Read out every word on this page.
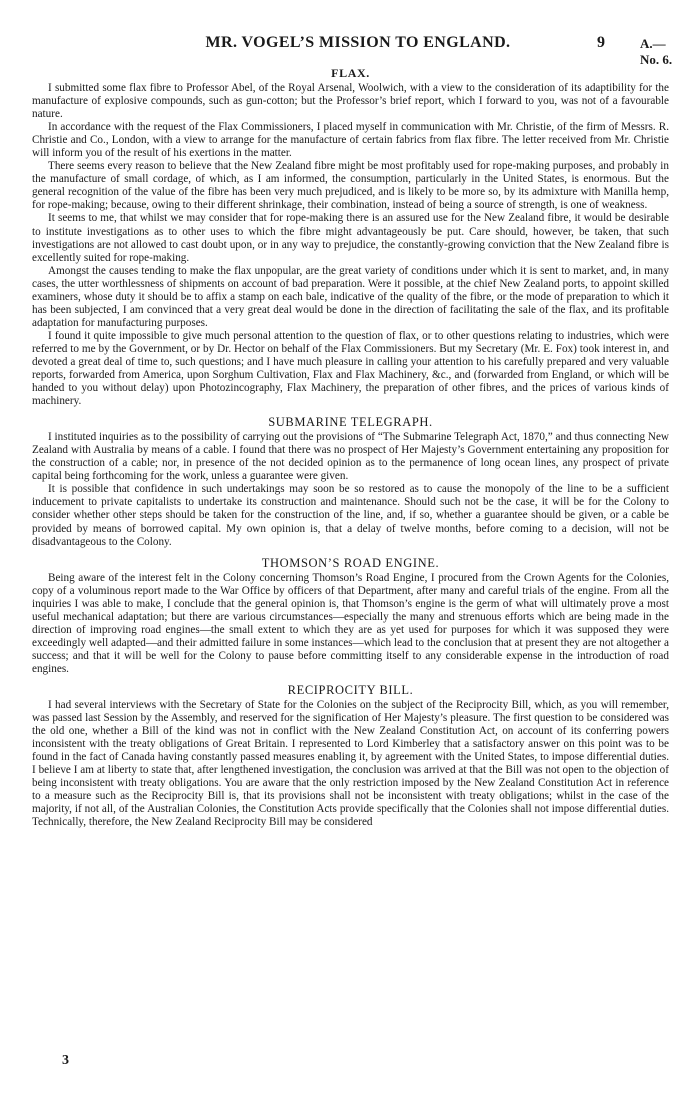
MR. VOGEL’S MISSION TO ENGLAND.	9	A.—No. 6.
FLAX.

I submitted some flax fibre to Professor Abel, of the Royal Arsenal, Woolwich, with a view to the consideration of its adaptibility for the manufacture of explosive compounds, such as gun-cotton; but the Professor’s brief report, which I forward to you, was not of a favourable nature.

In accordance with the request of the Flax Commissioners, I placed myself in communication with Mr. Christie, of the firm of Messrs. R. Christie and Co., London, with a view to arrange for the manufacture of certain fabrics from flax fibre. The letter received from Mr. Christie will inform you of the result of his exertions in the matter.

There seems every reason to believe that the New Zealand fibre might be most profitably used for rope-making purposes, and probably in the manufacture of small cordage, of which, as I am informed, the consumption, particularly in the United States, is enormous. But the general recognition of the value of the fibre has been very much prejudiced, and is likely to be more so, by its admixture with Manilla hemp, for rope-making; because, owing to their different shrinkage, their combination, instead of being a source of strength, is one of weakness.

It seems to me, that whilst we may consider that for rope-making there is an assured use for the New Zealand fibre, it would be desirable to institute investigations as to other uses to which the fibre might advantageously be put. Care should, however, be taken, that such investigations are not allowed to cast doubt upon, or in any way to prejudice, the constantly-growing conviction that the New Zealand fibre is excellently suited for rope-making.

Amongst the causes tending to make the flax unpopular, are the great variety of conditions under which it is sent to market, and, in many cases, the utter worthlessness of shipments on account of bad preparation. Were it possible, at the chief New Zealand ports, to appoint skilled examiners, whose duty it should be to affix a stamp on each bale, indicative of the quality of the fibre, or the mode of preparation to which it has been subjected, I am convinced that a very great deal would be done in the direction of facilitating the sale of the flax, and its profitable adaptation for manufacturing purposes.

I found it quite impossible to give much personal attention to the question of flax, or to other questions relating to industries, which were referred to me by the Government, or by Dr. Hector on behalf of the Flax Commissioners. But my Secretary (Mr. E. Fox) took interest in, and devoted a great deal of time to, such questions; and I have much pleasure in calling your attention to his carefully prepared and very valuable reports, forwarded from America, upon Sorghum Cultivation, Flax and Flax Machinery, &c., and (forwarded from England, or which will be handed to you without delay) upon Photozincography, Flax Machinery, the preparation of other fibres, and the prices of various kinds of machinery.

SUBMARINE TELEGRAPH.

I instituted inquiries as to the possibility of carrying out the provisions of “The Submarine Telegraph Act, 1870,” and thus connecting New Zealand with Australia by means of a cable. I found that there was no prospect of Her Majesty’s Government entertaining any proposition for the construction of a cable; nor, in presence of the not decided opinion as to the permanence of long ocean lines, any prospect of private capital being forthcoming for the work, unless a guarantee were given.

It is possible that confidence in such undertakings may soon be so restored as to cause the monopoly of the line to be a sufficient inducement to private capitalists to undertake its construction and maintenance. Should such not be the case, it will be for the Colony to consider whether other steps should be taken for the construction of the line, and, if so, whether a guarantee should be given, or a cable be provided by means of borrowed capital. My own opinion is, that a delay of twelve months, before coming to a decision, will not be disadvantageous to the Colony.

THOMSON’S ROAD ENGINE.

Being aware of the interest felt in the Colony concerning Thomson’s Road Engine, I procured from the Crown Agents for the Colonies, copy of a voluminous report made to the War Office by officers of that Department, after many and careful trials of the engine. From all the inquiries I was able to make, I conclude that the general opinion is, that Thomson’s engine is the germ of what will ultimately prove a most useful mechanical adaptation; but there are various circumstances—especially the many and strenuous efforts which are being made in the direction of improving road engines—the small extent to which they are as yet used for purposes for which it was supposed they were exceedingly well adapted—and their admitted failure in some instances—which lead to the conclusion that at present they are not altogether a success; and that it will be well for the Colony to pause before committing itself to any considerable expense in the introduction of road engines.

RECIPROCITY BILL.

I had several interviews with the Secretary of State for the Colonies on the subject of the Reciprocity Bill, which, as you will remember, was passed last Session by the Assembly, and reserved for the signification of Her Majesty’s pleasure. The first question to be considered was the old one, whether a Bill of the kind was not in conflict with the New Zealand Constitution Act, on account of its conferring powers inconsistent with the treaty obligations of Great Britain. I represented to Lord Kimberley that a satisfactory answer on this point was to be found in the fact of Canada having constantly passed measures enabling it, by agreement with the United States, to impose differential duties. I believe I am at liberty to state that, after lengthened investigation, the conclusion was arrived at that the Bill was not open to the objection of being inconsistent with treaty obligations. You are aware that the only restriction imposed by the New Zealand Constitution Act in reference to a measure such as the Reciprocity Bill is, that its provisions shall not be inconsistent with treaty obligations; whilst in the case of the majority, if not all, of the Australian Colonies, the Constitution Acts provide specifically that the Colonies shall not impose differential duties. Technically, therefore, the New Zealand Reciprocity Bill may be considered

3
